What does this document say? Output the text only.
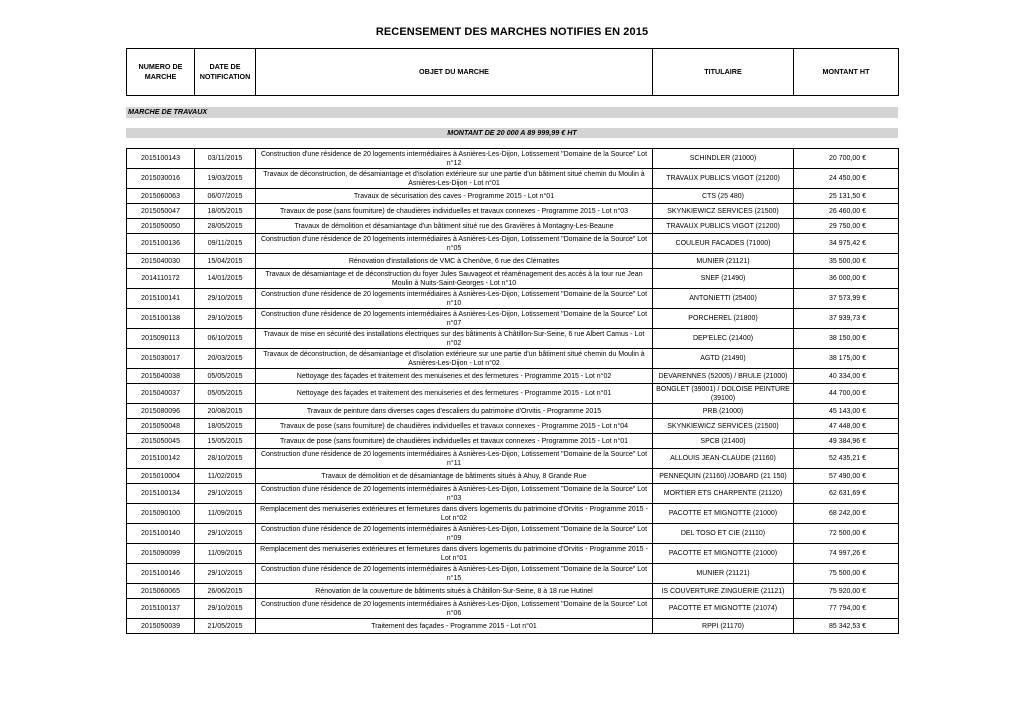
RECENSEMENT DES MARCHES NOTIFIES EN 2015
NUMERO DE MARCHE	DATE DE NOTIFICATION	OBJET DU MARCHE	TITULAIRE	MONTANT HT
MARCHE DE TRAVAUX
MONTANT DE 20 000 A 89 999,99 € HT
2015100143	03/11/2015	Construction d'une résidence de 20 logements intermédiaires à Asnières-Les-Dijon, Lotissement "Domaine de la Source" Lot n°12	SCHINDLER (21000)	20 700,00 €
2015030016	19/03/2015	Travaux de déconstruction, de désamiantage et d'isolation extérieure sur une partie d'un bâtiment situé chemin du Moulin à Asnières-Les-Dijon - Lot n°01	TRAVAUX PUBLICS VIGOT (21200)	24 450,00 €
2015060063	06/07/2015	Travaux de sécurisation des caves - Programme 2015 - Lot n°01	CTS (25 480)	25 131,50 €
2015050047	18/05/2015	Travaux de pose (sans fourniture) de chaudières individuelles et travaux connexes - Programme 2015 - Lot n°03	SKYNKIEWICZ SERVICES (21500)	26 460,00 €
2015050050	28/05/2015	Travaux de démolition et désamiantage d'un bâtiment situé rue des Gravières à Montagny-Les-Beaune	TRAVAUX PUBLICS VIGOT (21200)	29 750,00 €
2015100136	09/11/2015	Construction d'une résidence de 20 logements intermédiaires à Asnières-Les-Dijon, Lotissement "Domaine de la Source" Lot n°05	COULEUR FACADES (71000)	34 975,42 €
2015040030	15/04/2015	Rénovation d'installations de VMC à Chenôve, 6 rue des Clématites	MUNIER (21121)	35 500,00 €
2014110172	14/01/2015	Travaux de désamiantage et de déconstruction du foyer Jules Sauvageot et réaménagement des accès à la tour rue Jean Moulin à Nuits-Saint-Georges - Lot n°10	SNEF (21490)	36 000,00 €
2015100141	29/10/2015	Construction d'une résidence de 20 logements intermédiaires à Asnières-Les-Dijon, Lotissement "Domaine de la Source" Lot n°10	ANTONIETTI (25400)	37 573,99 €
2015100138	29/10/2015	Construction d'une résidence de 20 logements intermédiaires à Asnières-Les-Dijon, Lotissement "Domaine de la Source" Lot n°07	PORCHEREL (21800)	37 939,73 €
2015090113	06/10/2015	Travaux de mise en sécurité des installations électriques sur des bâtiments à Châtillon-Sur-Seine, 6 rue Albert Camus - Lot n°02	DEP'ELEC (21400)	38 150,00 €
2015030017	20/03/2015	Travaux de déconstruction, de désamiantage et d'isolation extérieure sur une partie d'un bâtiment situé chemin du Moulin à Asnières-Les-Dijon - Lot n°02	AGTD (21490)	38 175,00 €
2015040038	05/05/2015	Nettoyage des façades et traitement des menuiseries et des fermetures - Programme 2015 - Lot n°02	DEVARENNES (52005) / BRULE (21000)	40 334,00 €
2015040037	05/05/2015	Nettoyage des façades et traitement des menuiseries et des fermetures - Programme 2015 - Lot n°01	BONGLET (39001) / DOLOISE PEINTURE (39100)	44 700,00 €
2015080096	20/08/2015	Travaux de peinture dans diverses cages d'escaliers du patrimoine d'Orvitis - Programme 2015	PRB (21000)	45 143,00 €
2015050048	18/05/2015	Travaux de pose (sans fourniture) de chaudières individuelles et travaux connexes - Programme 2015 - Lot n°04	SKYNKIEWICZ SERVICES (21500)	47 448,00 €
2015050045	15/05/2015	Travaux de pose (sans fourniture) de chaudières individuelles et travaux connexes - Programme 2015 - Lot n°01	SPCB (21400)	49 384,96 €
2015100142	28/10/2015	Construction d'une résidence de 20 logements intermédiaires à Asnières-Les-Dijon, Lotissement "Domaine de la Source" Lot n°11	ALLOUIS JEAN-CLAUDE (21160)	52 435,21 €
2015010004	11/02/2015	Travaux de démolition et de désamiantage de bâtiments situés à Ahuy, 8 Grande Rue	PENNEQUIN (21160) /JOBARD (21 150)	57 490,00 €
2015100134	29/10/2015	Construction d'une résidence de 20 logements intermédiaires à Asnières-Les-Dijon, Lotissement "Domaine de la Source" Lot n°03	MORTIER ETS CHARPENTE (21120)	62 631,69 €
2015090100	11/09/2015	Remplacement des menuiseries extérieures et fermetures dans divers logements du patrimoine d'Orvitis - Programme 2015 - Lot n°02	PACOTTE ET MIGNOTTE (21000)	68 242,00 €
2015100140	29/10/2015	Construction d'une résidence de 20 logements intermédiaires à Asnières-Les-Dijon, Lotissement "Domaine de la Source" Lot n°09	DEL TOSO ET CIE (21110)	72 500,00 €
2015090099	11/09/2015	Remplacement des menuiseries extérieures et fermetures dans divers logements du patrimoine d'Orvitis - Programme 2015 - Lot n°01	PACOTTE ET MIGNOTTE (21000)	74 997,26 €
2015100146	29/10/2015	Construction d'une résidence de 20 logements intermédiaires à Asnières-Les-Dijon, Lotissement "Domaine de la Source" Lot n°15	MUNIER (21121)	75 500,00 €
2015060065	26/06/2015	Rénovation de la couverture de bâtiments situés à Châtillon-Sur-Seine, 8 à 18 rue Hutinel	IS COUVERTURE ZINGUERIE (21121)	75 920,00 €
2015100137	29/10/2015	Construction d'une résidence de 20 logements intermédiaires à Asnières-Les-Dijon, Lotissement "Domaine de la Source" Lot n°06	PACOTTE ET MIGNOTTE (21074)	77 794,00 €
2015050039	21/05/2015	Traitement des façades - Programme 2015 - Lot n°01	RPPI (21170)	85 342,53 €
